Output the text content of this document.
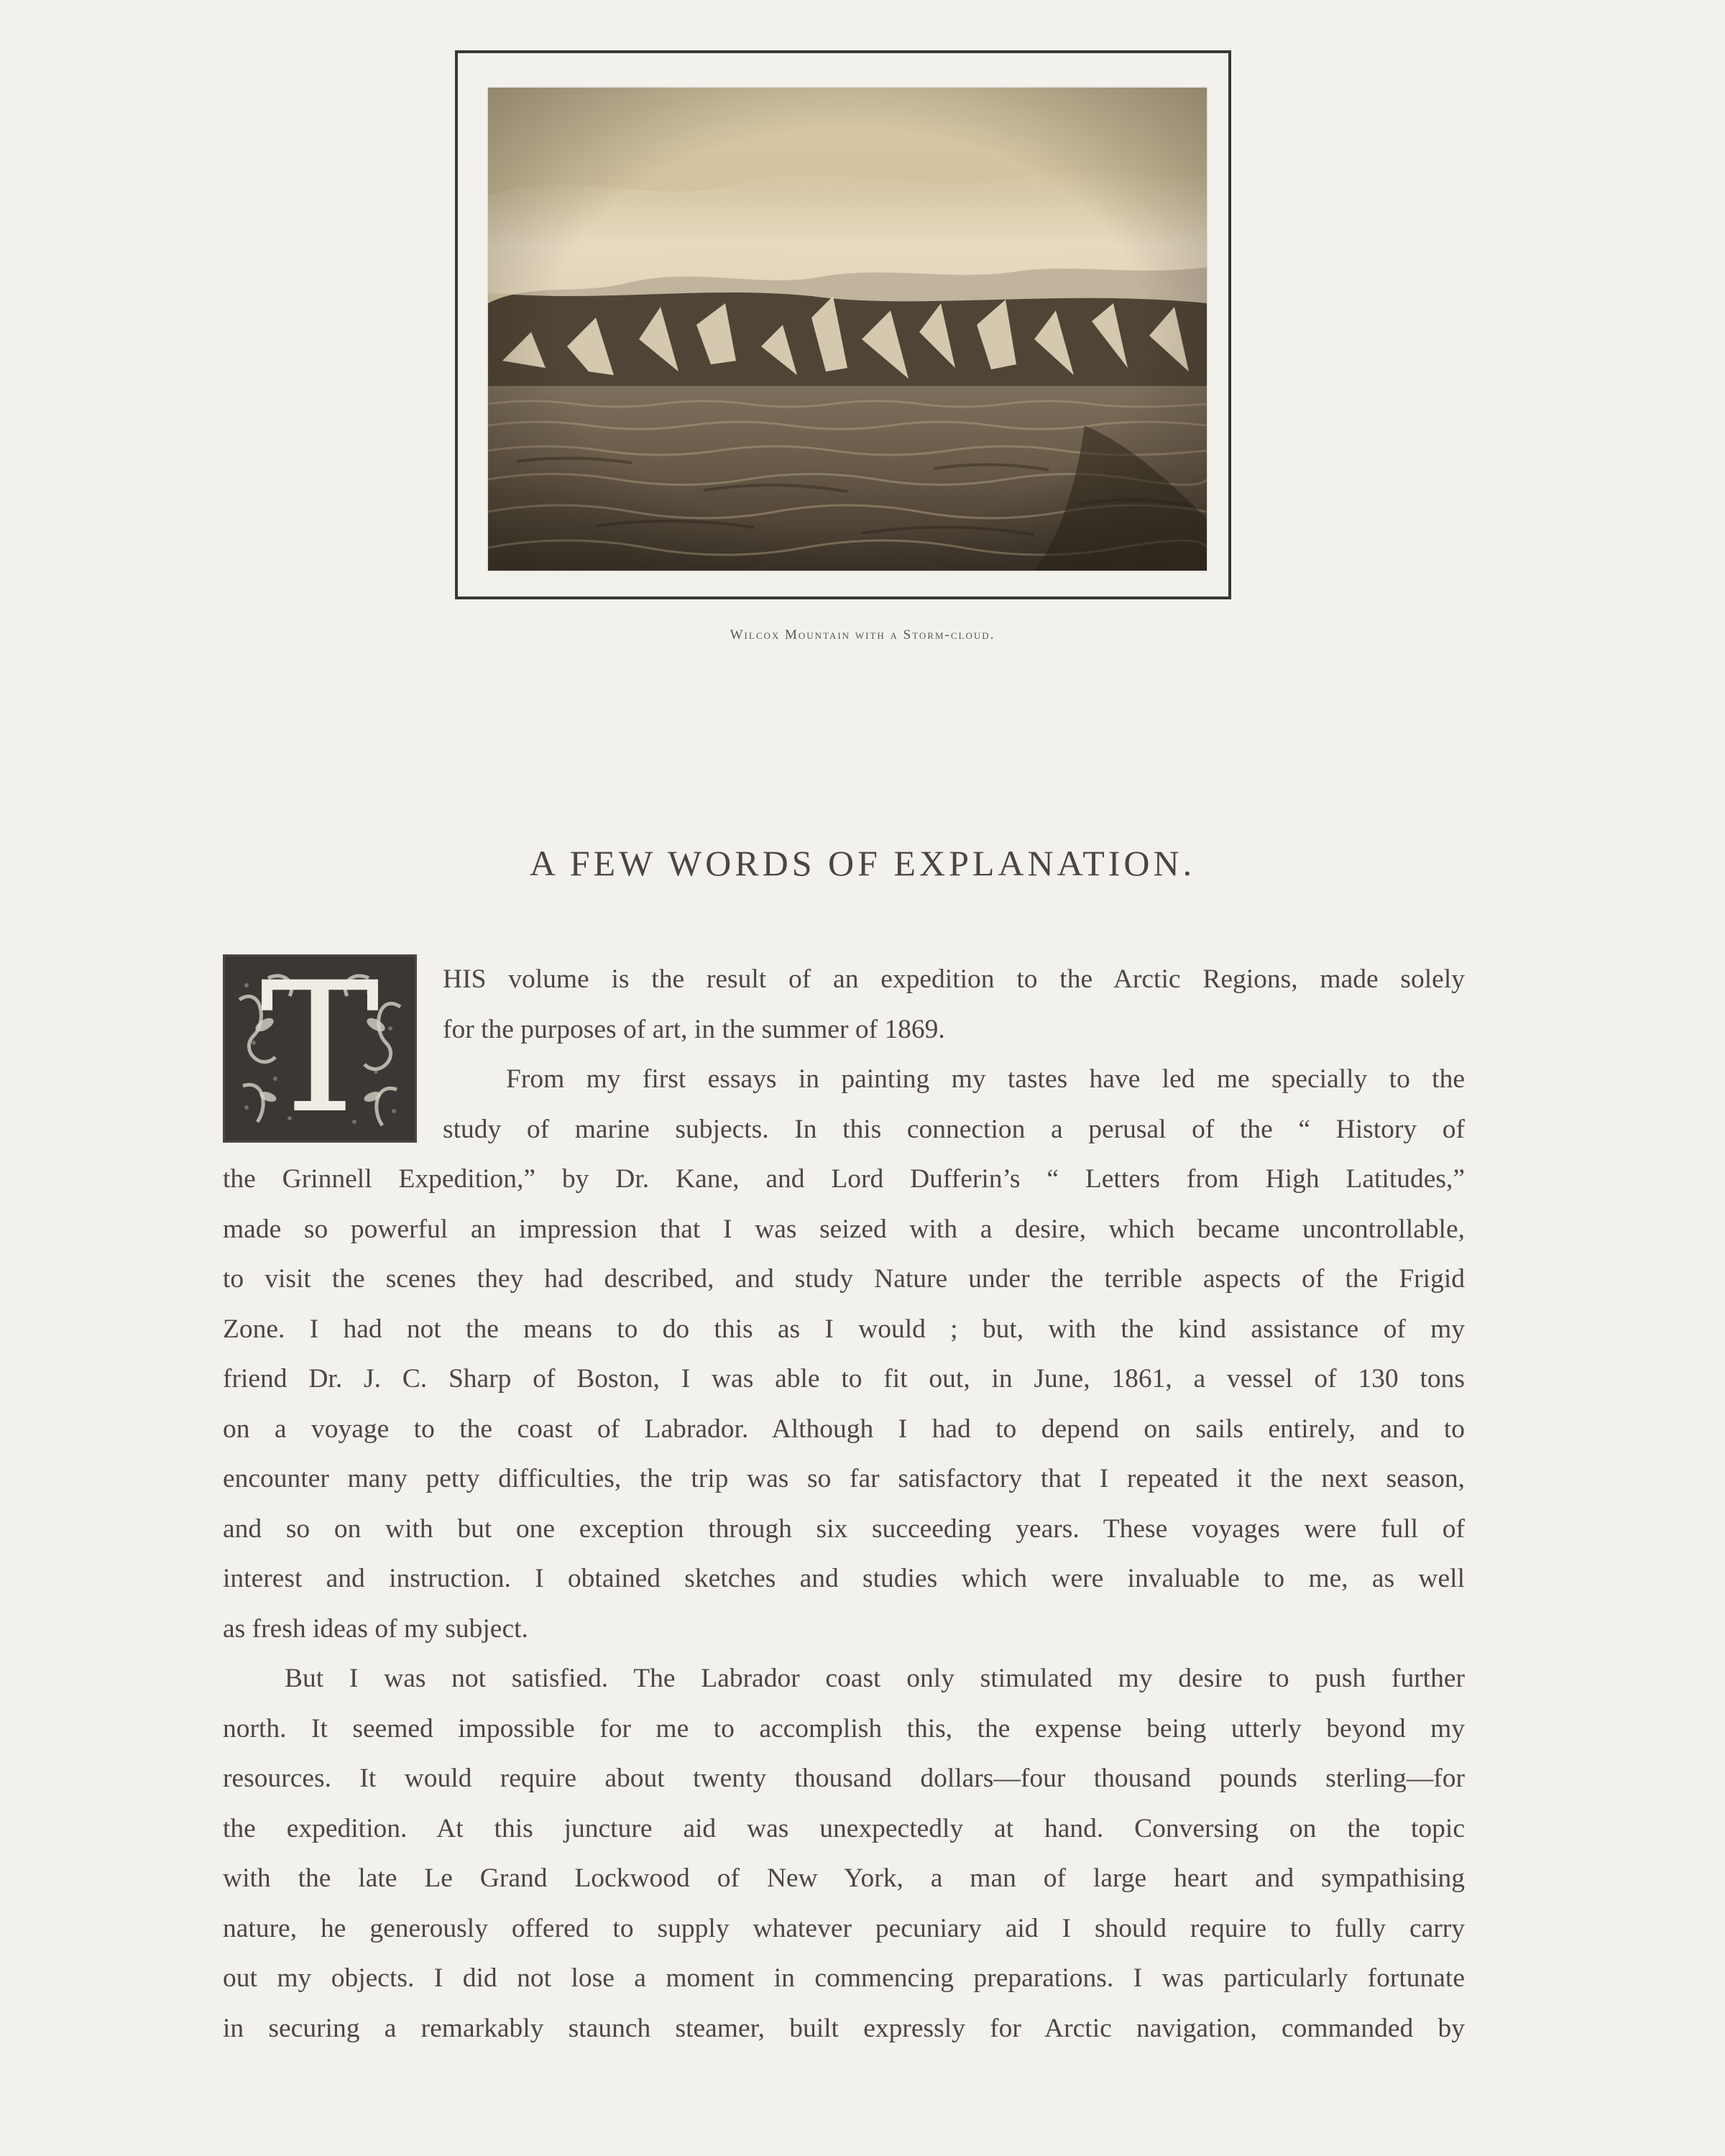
Wilcox Mountain with a Storm-cloud.
A FEW WORDS OF EXPLANATION.
T	HIS volume is the result of an expedition to the Arctic Regions, made solely
for the purposes of art, in the summer of 1869.
From my first essays in painting my tastes have led me specially to the
study of marine subjects. In this connection a perusal of the “ History of
the Grinnell Expedition,” by Dr. Kane, and Lord Dufferin’s “ Letters from High Latitudes,”
made so powerful an impression that I was seized with a desire, which became uncontrollable,
to visit the scenes they had described, and study Nature under the terrible aspects of the Frigid
Zone. I had not the means to do this as I would ; but, with the kind assistance of my
friend Dr. J. C. Sharp of Boston, I was able to fit out, in June, 1861, a vessel of 130 tons
on a voyage to the coast of Labrador. Although I had to depend on sails entirely, and to
encounter many petty difficulties, the trip was so far satisfactory that I repeated it the next season,
and so on with but one exception through six succeeding years. These voyages were full of
interest and instruction. I obtained sketches and studies which were invaluable to me, as well
as fresh ideas of my subject.
But I was not satisfied. The Labrador coast only stimulated my desire to push further
north. It seemed impossible for me to accomplish this, the expense being utterly beyond my
resources. It would require about twenty thousand dollars—four thousand pounds sterling—for
the expedition. At this juncture aid was unexpectedly at hand. Conversing on the topic
with the late Le Grand Lockwood of New York, a man of large heart and sympathising
nature, he generously offered to supply whatever pecuniary aid I should require to fully carry
out my objects. I did not lose a moment in commencing preparations. I was particularly fortunate
in securing a remarkably staunch steamer, built expressly for Arctic navigation, commanded by
